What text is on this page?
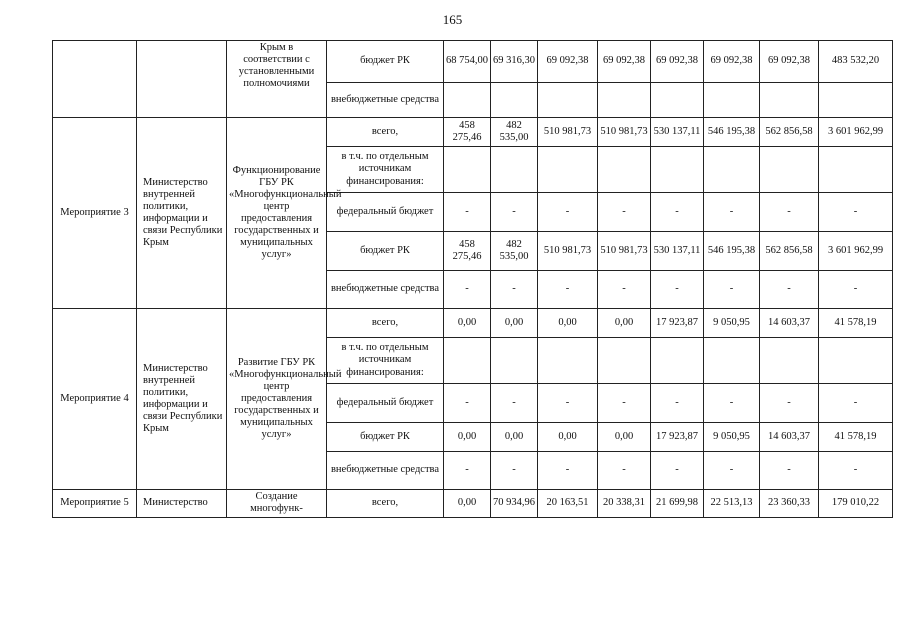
165
		Крым в соответствии с установленными полномочиями	бюджет РК	68 754,00	69 316,30	69 092,38	69 092,38	69 092,38	69 092,38	69 092,38	483 532,20
			внебюджетные средства								
Мероприятие 3	Министерство внутренней политики, информации и связи Республики Крым	Функционирование ГБУ РК «Многофункциональный центр предоставления государственных и муниципальных услуг»	всего,	458 275,46	482 535,00	510 981,73	510 981,73	530 137,11	546 195,38	562 856,58	3 601 962,99
			в т.ч. по отдельным источникам финансирования:								
			федеральный бюджет	-	-	-	-	-	-	-	-
			бюджет РК	458 275,46	482 535,00	510 981,73	510 981,73	530 137,11	546 195,38	562 856,58	3 601 962,99
			внебюджетные средства	-	-	-	-	-	-	-	-
Мероприятие 4	Министерство внутренней политики, информации и связи Республики Крым	Развитие ГБУ РК «Многофункциональный центр предоставления государственных и муниципальных услуг»	всего,	0,00	0,00	0,00	0,00	17 923,87	9 050,95	14 603,37	41 578,19
			в т.ч. по отдельным источникам финансирования:								
			федеральный бюджет	-	-	-	-	-	-	-	-
			бюджет РК	0,00	0,00	0,00	0,00	17 923,87	9 050,95	14 603,37	41 578,19
			внебюджетные средства	-	-	-	-	-	-	-	-
Мероприятие 5	Министерство	Создание многофунк-	всего,	0,00	70 934,96	20 163,51	20 338,31	21 699,98	22 513,13	23 360,33	179 010,22
